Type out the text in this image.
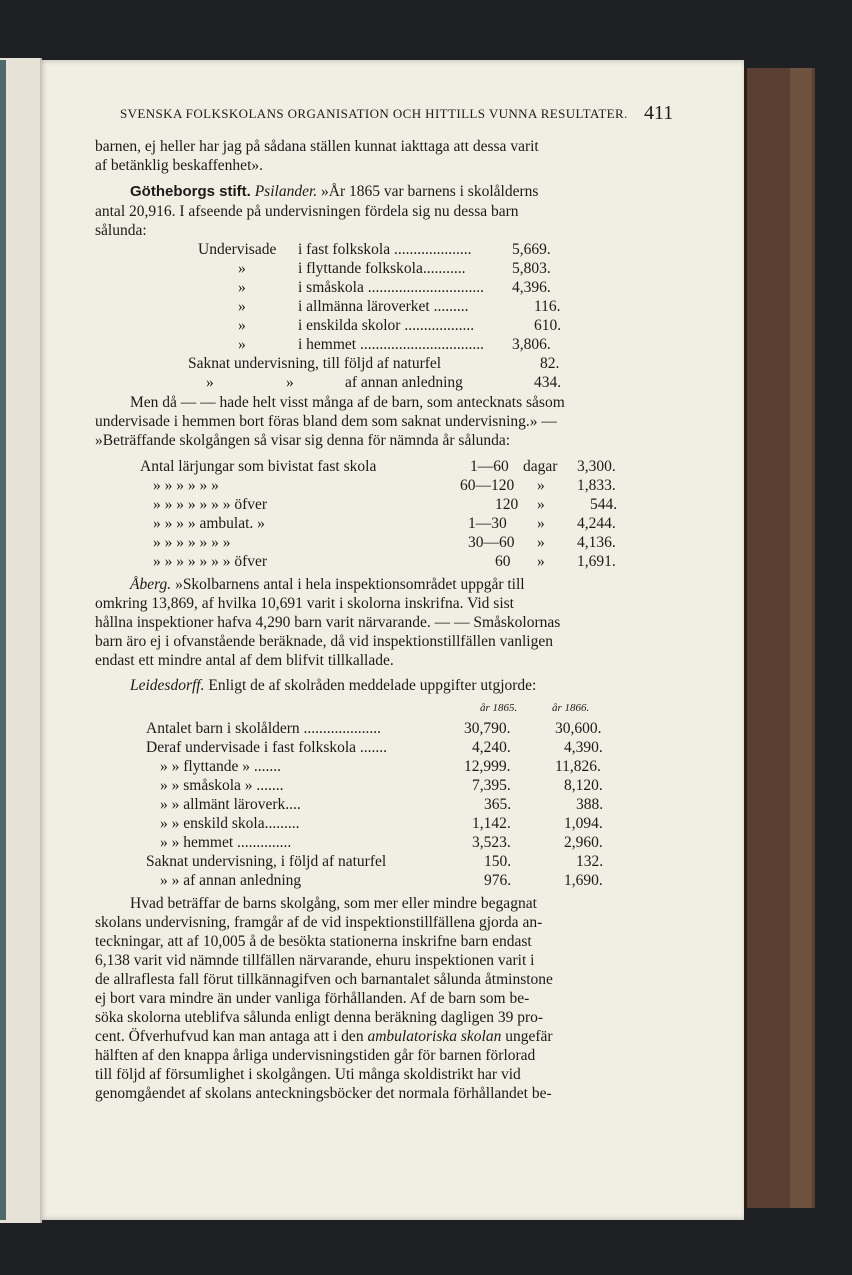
SVENSKA FOLKSKOLANS ORGANISATION OCH HITTILLS VUNNA RESULTATER. 411
barnen, ej heller har jag på sådana ställen kunnat iakttaga att dessa varit
af betänklig beskaffenhet».
Götheborgs stift. Psilander. »År 1865 var barnens i skolålderns
antal 20,916. I afseende på undervisningen fördela sig nu dessa barn
sålunda:
Undervisade i fast folkskola ....................	5,669.
»	i flyttande folkskola...........	5,803.
»	i småskola .............................. 4,396.
»	i allmänna läroverket .........	116.
»	i enskilda skolor ..................	610.
»	i hemmet ................................ 3,806.
Saknat undervisning, till följd af naturfel	82.
»	»	af annan anledning	434.
Men då — — hade helt visst många af de barn, som antecknats såsom
undervisade i hemmen bort föras bland dem som saknat undervisning.» —
»Beträffande skolgången så visar sig denna för nämnda år sålunda:
Antal lärjungar som bivistat fast skola	1—60 dagar 3,300.
» » » » » »	60—120 » 1,833.
» » » » » » » öfver	120 »	544.
» » » » ambulat. »	1—30 » 4,244.
» » » » » » »	30—60 » 4,136.
» » » » » » » öfver	60 » 1,691.
Åberg. »Skolbarnens antal i hela inspektionsområdet uppgår till
omkring 13,869, af hvilka 10,691 varit i skolorna inskrifna. Vid sist
hållna inspektioner hafva 4,290 barn varit närvarande. — — Småskolornas
barn äro ej i ofvanstående beräknade, då vid inspektionstillfällen vanligen
endast ett mindre antal af dem blifvit tillkallade.
Leidesdorff. Enligt de af skolråden meddelade uppgifter utgjorde:
år 1865.	år 1866.
Antalet barn i skolåldern ....................	30,790.	30,600.
Deraf undervisade i fast folkskola .......	4,240.	4,390.
» » flyttande » .......	12,999.	11,826.
» » småskola » .......	7,395.	8,120.
» » allmänt läroverk....	365.	388.
» » enskild skola.........	1,142.	1,094.
» » hemmet ..............	3,523.	2,960.
Saknat undervisning, i följd af naturfel	150.	132.
» » af annan anledning	976.	1,690.
Hvad beträffar de barns skolgång, som mer eller mindre begagnat
skolans undervisning, framgår af de vid inspektionstillfällena gjorda an-
teckningar, att af 10,005 å de besökta stationerna inskrifne barn endast
6,138 varit vid nämnde tillfällen närvarande, ehuru inspektionen varit i
de allraflesta fall förut tillkännagifven och barnantalet sålunda åtminstone
ej bort vara mindre än under vanliga förhållanden. Af de barn som be-
söka skolorna uteblifva sålunda enligt denna beräkning dagligen 39 pro-
cent. Öfverhufvud kan man antaga att i den ambulatoriska skolan ungefär
hälften af den knappa årliga undervisningstiden går för barnen förlorad
till följd af försumlighet i skolgången. Uti många skoldistrikt har vid
genomgåendet af skolans anteckningsböcker det normala förhållandet be-
